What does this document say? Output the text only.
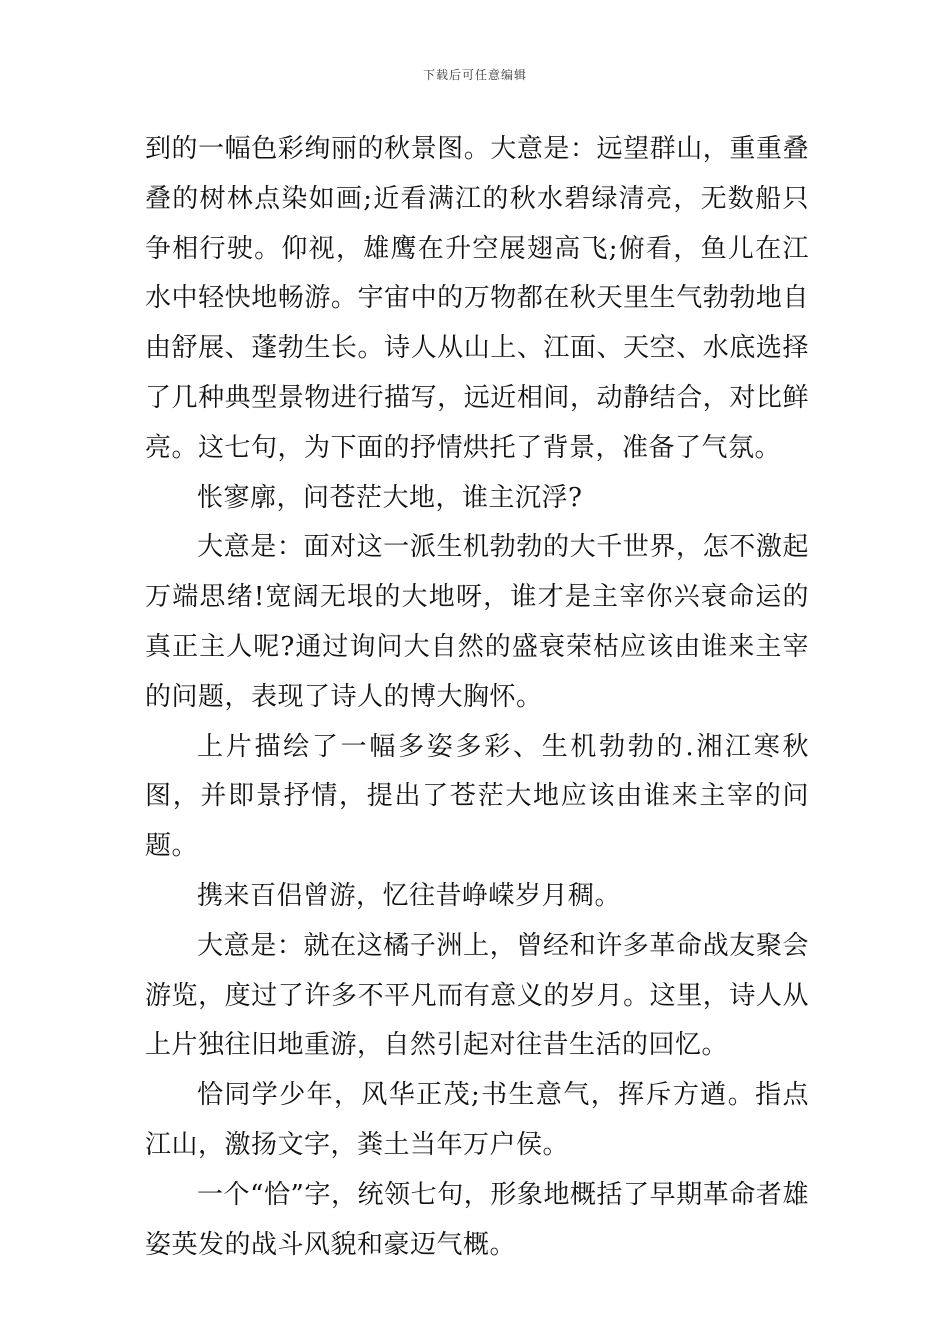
下载后可任意编辑

到的一幅色彩绚丽的秋景图。大意是：远望群山，重重叠叠的树林点染如画;近看满江的秋水碧绿清亮，无数船只争相行驶。仰视，雄鹰在升空展翅高飞;俯看，鱼儿在江水中轻快地畅游。宇宙中的万物都在秋天里生气勃勃地自由舒展、蓬勃生长。诗人从山上、江面、天空、水底选择了几种典型景物进行描写，远近相间，动静结合，对比鲜亮。这七句，为下面的抒情烘托了背景，准备了气氛。

怅寥廓，问苍茫大地，谁主沉浮?

大意是：面对这一派生机勃勃的大千世界，怎不激起万端思绪!宽阔无垠的大地呀，谁才是主宰你兴衰命运的真正主人呢?通过询问大自然的盛衰荣枯应该由谁来主宰的问题，表现了诗人的博大胸怀。

上片描绘了一幅多姿多彩、生机勃勃的.湘江寒秋图，并即景抒情，提出了苍茫大地应该由谁来主宰的问题。

携来百侣曾游，忆往昔峥嵘岁月稠。

大意是：就在这橘子洲上，曾经和许多革命战友聚会游览，度过了许多不平凡而有意义的岁月。这里，诗人从上片独往旧地重游，自然引起对往昔生活的回忆。

恰同学少年，风华正茂;书生意气，挥斥方遒。指点江山，激扬文字，粪土当年万户侯。

一个“恰”字，统领七句，形象地概括了早期革命者雄姿英发的战斗风貌和豪迈气概。
